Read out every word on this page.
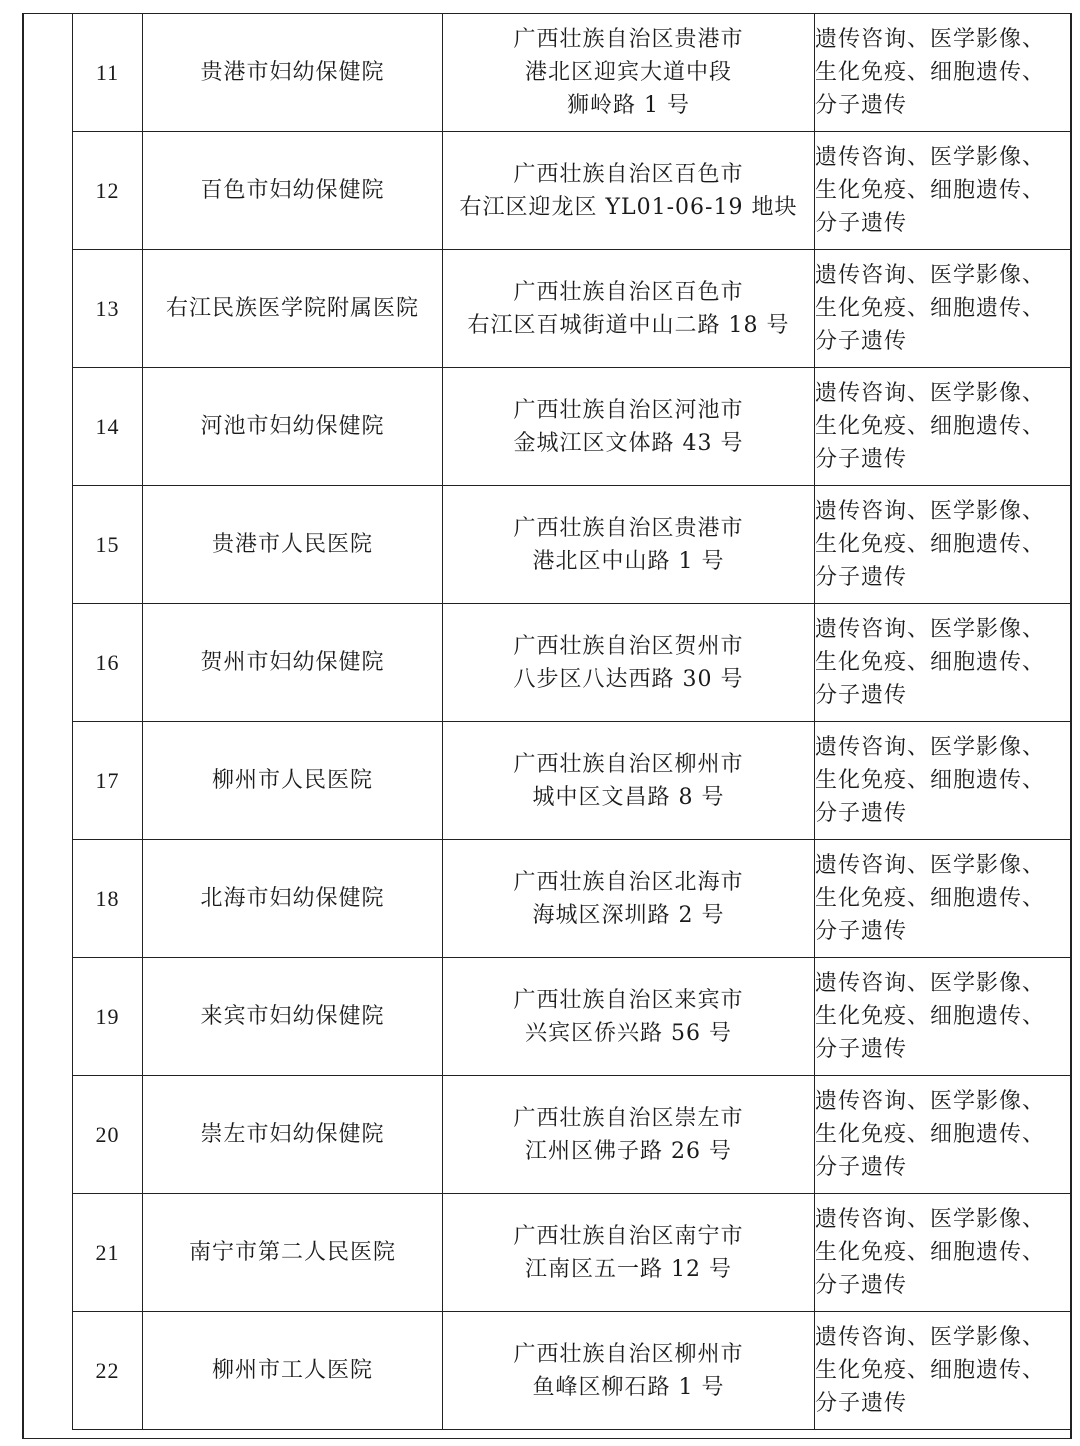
11	贵港市妇幼保健院	广西壮族自治区贵港市
港北区迎宾大道中段
狮岭路 1 号	遗传咨询、医学影像、
生化免疫、细胞遗传、
分子遗传

12	百色市妇幼保健院	广西壮族自治区百色市
右江区迎龙区 YL01-06-19 地块	遗传咨询、医学影像、
生化免疫、细胞遗传、
分子遗传

13	右江民族医学院附属医院	广西壮族自治区百色市
右江区百城街道中山二路 18 号	遗传咨询、医学影像、
生化免疫、细胞遗传、
分子遗传

14	河池市妇幼保健院	广西壮族自治区河池市
金城江区文体路 43 号	遗传咨询、医学影像、
生化免疫、细胞遗传、
分子遗传

15	贵港市人民医院	广西壮族自治区贵港市
港北区中山路 1 号	遗传咨询、医学影像、
生化免疫、细胞遗传、
分子遗传

16	贺州市妇幼保健院	广西壮族自治区贺州市
八步区八达西路 30 号	遗传咨询、医学影像、
生化免疫、细胞遗传、
分子遗传

17	柳州市人民医院	广西壮族自治区柳州市
城中区文昌路 8 号	遗传咨询、医学影像、
生化免疫、细胞遗传、
分子遗传

18	北海市妇幼保健院	广西壮族自治区北海市
海城区深圳路 2 号	遗传咨询、医学影像、
生化免疫、细胞遗传、
分子遗传

19	来宾市妇幼保健院	广西壮族自治区来宾市
兴宾区侨兴路 56 号	遗传咨询、医学影像、
生化免疫、细胞遗传、
分子遗传

20	崇左市妇幼保健院	广西壮族自治区崇左市
江州区佛子路 26 号	遗传咨询、医学影像、
生化免疫、细胞遗传、
分子遗传

21	南宁市第二人民医院	广西壮族自治区南宁市
江南区五一路 12 号	遗传咨询、医学影像、
生化免疫、细胞遗传、
分子遗传

22	柳州市工人医院	广西壮族自治区柳州市
鱼峰区柳石路 1 号	遗传咨询、医学影像、
生化免疫、细胞遗传、
分子遗传
